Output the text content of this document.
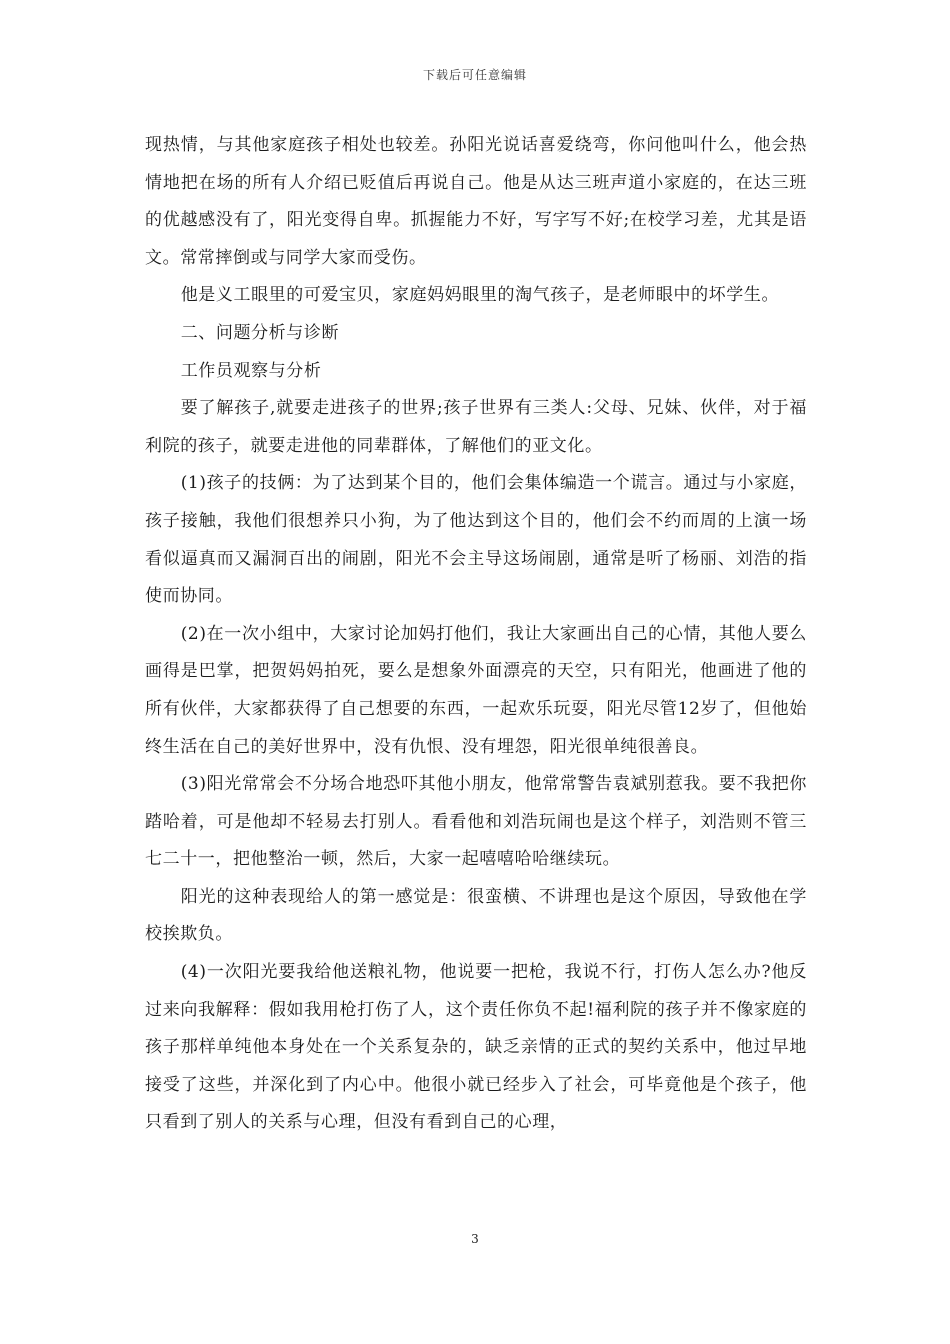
下载后可任意编辑

现热情，与其他家庭孩子相处也较差。孙阳光说话喜爱绕弯，你问他叫什么，他会热情地把在场的所有人介绍已贬值后再说自己。他是从达三班声道小家庭的，在达三班的优越感没有了，阳光变得自卑。抓握能力不好，写字写不好;在校学习差，尤其是语文。常常摔倒或与同学大家而受伤。

他是义工眼里的可爱宝贝，家庭妈妈眼里的淘气孩子，是老师眼中的坏学生。

二、问题分析与诊断

工作员观察与分析

要了解孩子,就要走进孩子的世界;孩子世界有三类人:父母、兄妹、伙伴，对于福利院的孩子，就要走进他的同辈群体，了解他们的亚文化。

(1)孩子的技俩：为了达到某个目的，他们会集体编造一个谎言。通过与小家庭，孩子接触，我他们很想养只小狗，为了他达到这个目的，他们会不约而周的上演一场看似逼真而又漏洞百出的闹剧，阳光不会主导这场闹剧，通常是听了杨丽、刘浩的指使而协同。

(2)在一次小组中，大家讨论加妈打他们，我让大家画出自己的心情，其他人要么画得是巴掌，把贺妈妈拍死，要么是想象外面漂亮的天空，只有阳光，他画进了他的所有伙伴，大家都获得了自己想要的东西，一起欢乐玩耍，阳光尽管12岁了，但他始终生活在自己的美好世界中，没有仇恨、没有埋怨，阳光很单纯很善良。

(3)阳光常常会不分场合地恐吓其他小朋友，他常常警告袁斌别惹我。要不我把你踏哈着，可是他却不轻易去打别人。看看他和刘浩玩闹也是这个样子，刘浩则不管三七二十一，把他整治一顿，然后，大家一起嘻嘻哈哈继续玩。

阳光的这种表现给人的第一感觉是：很蛮横、不讲理也是这个原因，导致他在学校挨欺负。

(4)一次阳光要我给他送粮礼物，他说要一把枪，我说不行，打伤人怎么办?他反过来向我解释：假如我用枪打伤了人，这个责任你负不起!福利院的孩子并不像家庭的孩子那样单纯他本身处在一个关系复杂的，缺乏亲情的正式的契约关系中，他过早地接受了这些，并深化到了内心中。他很小就已经步入了社会，可毕竟他是个孩子，他只看到了别人的关系与心理，但没有看到自己的心理，

3
